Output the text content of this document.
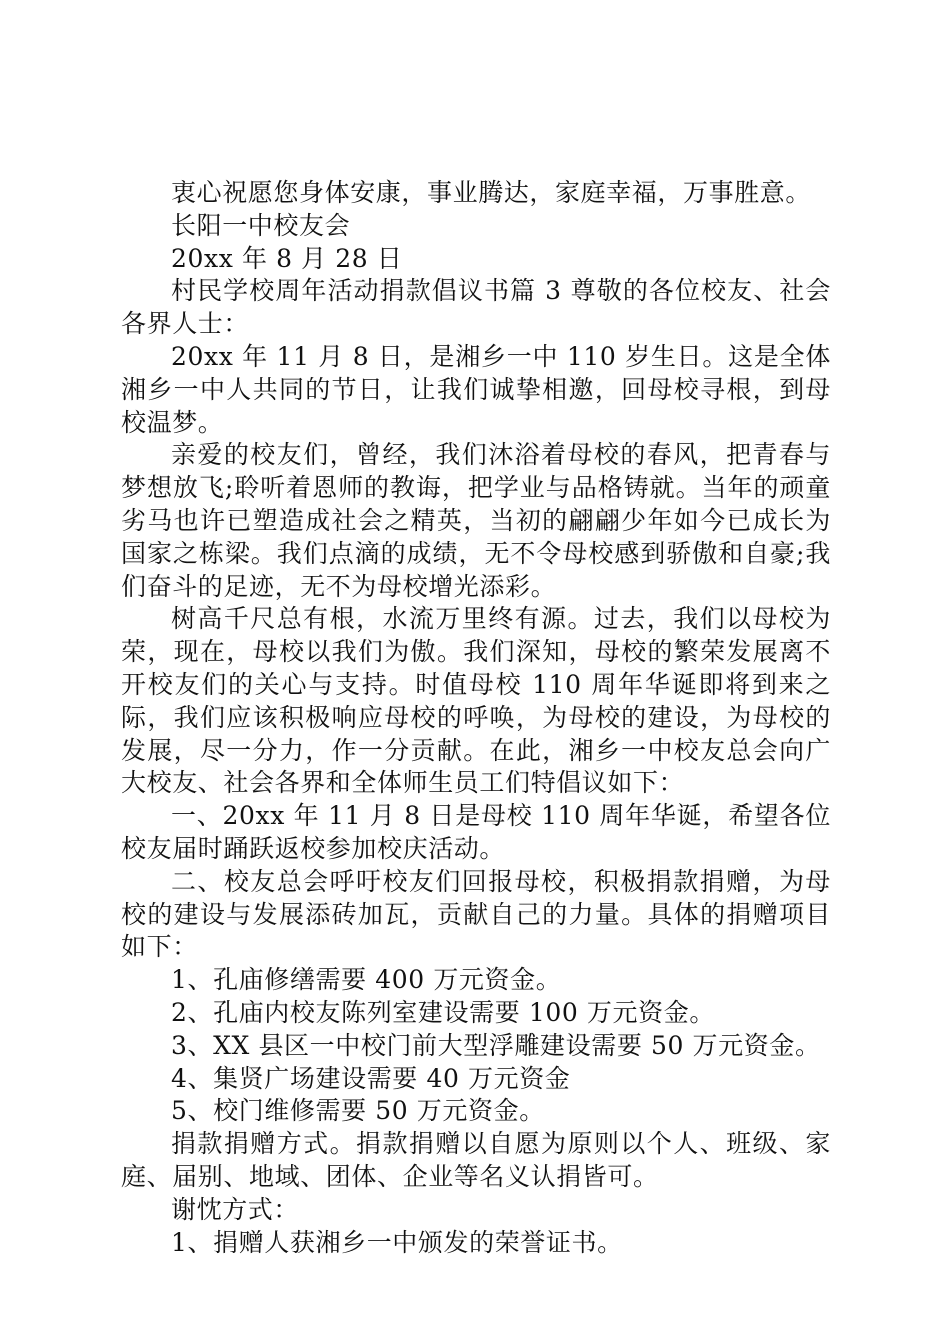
衷心祝愿您身体安康，事业腾达，家庭幸福，万事胜意。

长阳一中校友会

20xx 年 8 月 28 日

村民学校周年活动捐款倡议书篇 3 尊敬的各位校友、社会各界人士：

20xx 年 11 月 8 日，是湘乡一中 110 岁生日。这是全体湘乡一中人共同的节日，让我们诚挚相邀，回母校寻根，到母校温梦。

亲爱的校友们，曾经，我们沐浴着母校的春风，把青春与梦想放飞;聆听着恩师的教诲，把学业与品格铸就。当年的顽童劣马也许已塑造成社会之精英，当初的翩翩少年如今已成长为国家之栋梁。我们点滴的成绩，无不令母校感到骄傲和自豪;我们奋斗的足迹，无不为母校增光添彩。

树高千尺总有根，水流万里终有源。过去，我们以母校为荣，现在，母校以我们为傲。我们深知，母校的繁荣发展离不开校友们的关心与支持。时值母校 110 周年华诞即将到来之际，我们应该积极响应母校的呼唤，为母校的建设，为母校的发展，尽一分力，作一分贡献。在此，湘乡一中校友总会向广大校友、社会各界和全体师生员工们特倡议如下：

一、20xx 年 11 月 8 日是母校 110 周年华诞，希望各位校友届时踊跃返校参加校庆活动。

二、校友总会呼吁校友们回报母校，积极捐款捐赠，为母校的建设与发展添砖加瓦，贡献自己的力量。具体的捐赠项目如下：

1、孔庙修缮需要 400 万元资金。

2、孔庙内校友陈列室建设需要 100 万元资金。

3、XX 县区一中校门前大型浮雕建设需要 50 万元资金。

4、集贤广场建设需要 40 万元资金

5、校门维修需要 50 万元资金。

捐款捐赠方式。捐款捐赠以自愿为原则以个人、班级、家庭、届别、地域、团体、企业等名义认捐皆可。

谢忱方式：

1、捐赠人获湘乡一中颁发的荣誉证书。
